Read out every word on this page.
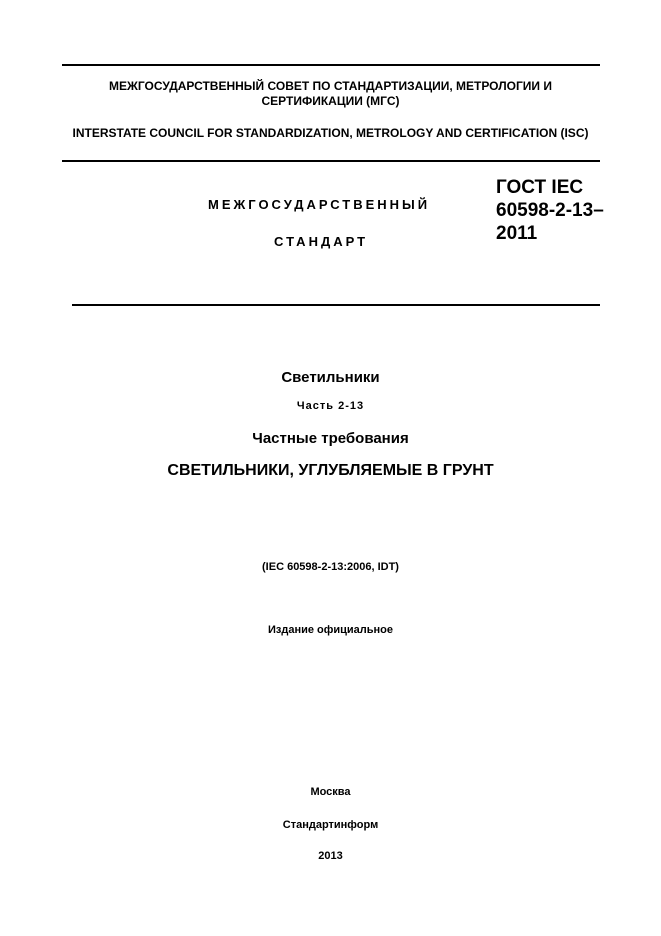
МЕЖГОСУДАРСТВЕННЫЙ СОВЕТ ПО СТАНДАРТИЗАЦИИ, МЕТРОЛОГИИ И СЕРТИФИКАЦИИ (МГС)
INTERSTATE COUNCIL FOR STANDARDIZATION, METROLOGY AND CERTIFICATION (ISC)
МЕЖГОСУДАРСТВЕННЫЙ
СТАНДАРТ
ГОСТ IEC
60598-2-13–
2011
Светильники
Часть 2-13
Частные требования
СВЕТИЛЬНИКИ, УГЛУБЛЯЕМЫЕ В ГРУНТ
(IEC 60598-2-13:2006, IDT)
Издание официальное
Москва
Стандартинформ
2013
